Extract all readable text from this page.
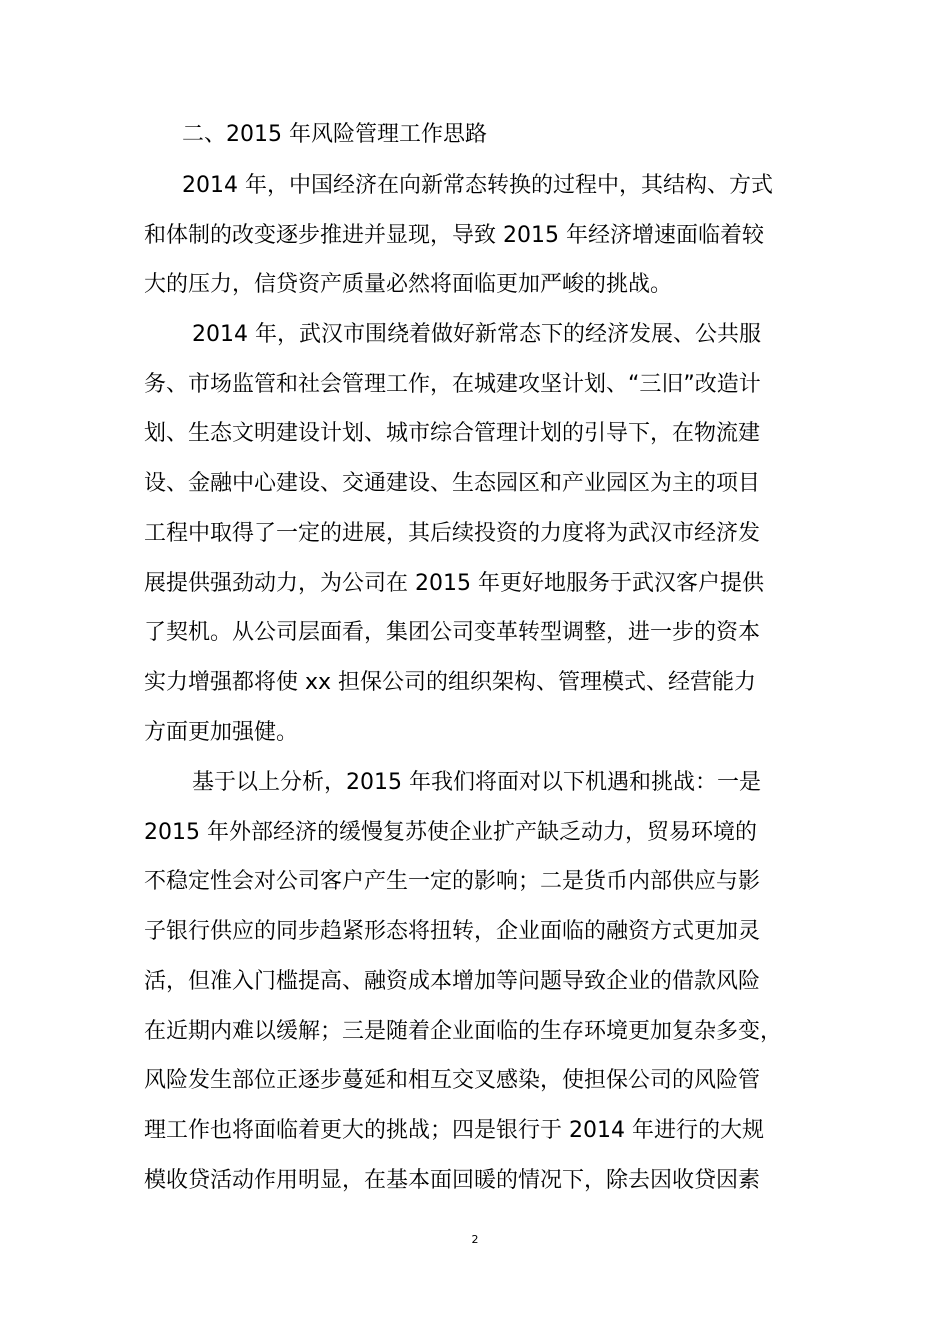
二、2015 年风险管理工作思路
2014 年，中国经济在向新常态转换的过程中，其结构、方式
和体制的改变逐步推进并显现，导致 2015 年经济增速面临着较
大的压力，信贷资产质量必然将面临更加严峻的挑战。
2014 年，武汉市围绕着做好新常态下的经济发展、公共服
务、市场监管和社会管理工作，在城建攻坚计划、“三旧”改造计
划、生态文明建设计划、城市综合管理计划的引导下，在物流建
设、金融中心建设、交通建设、生态园区和产业园区为主的项目
工程中取得了一定的进展，其后续投资的力度将为武汉市经济发
展提供强劲动力，为公司在 2015 年更好地服务于武汉客户提供
了契机。从公司层面看，集团公司变革转型调整，进一步的资本
实力增强都将使 xx 担保公司的组织架构、管理模式、经营能力
方面更加强健。
基于以上分析，2015 年我们将面对以下机遇和挑战：一是
2015 年外部经济的缓慢复苏使企业扩产缺乏动力，贸易环境的
不稳定性会对公司客户产生一定的影响；二是货币内部供应与影
子银行供应的同步趋紧形态将扭转，企业面临的融资方式更加灵
活，但准入门槛提高、融资成本增加等问题导致企业的借款风险
在近期内难以缓解；三是随着企业面临的生存环境更加复杂多变，
风险发生部位正逐步蔓延和相互交叉感染，使担保公司的风险管
理工作也将面临着更大的挑战；四是银行于 2014 年进行的大规
模收贷活动作用明显，在基本面回暖的情况下，除去因收贷因素
2
